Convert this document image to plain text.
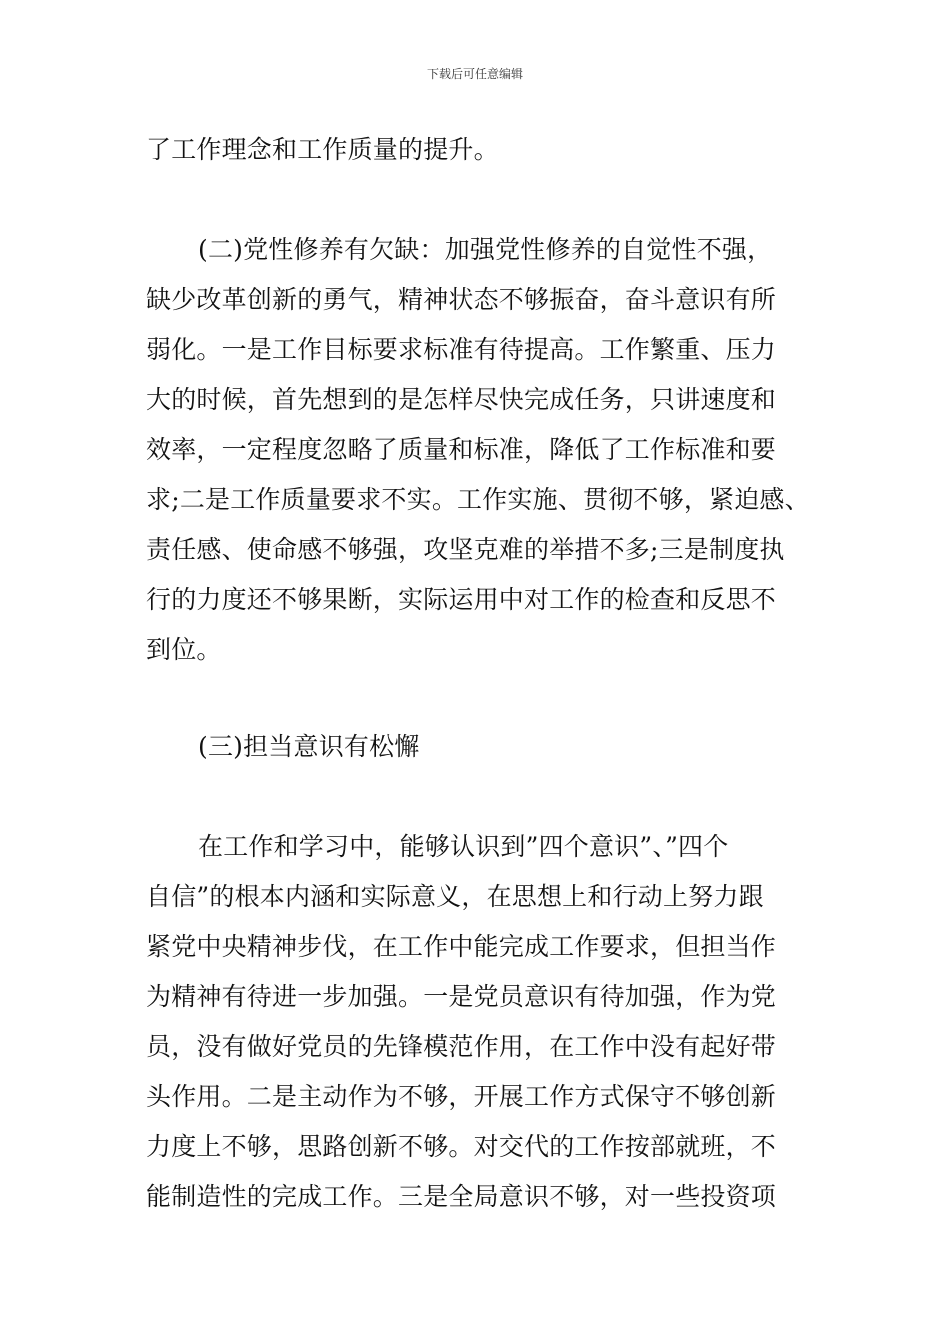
下载后可任意编辑
了工作理念和工作质量的提升。
(二)党性修养有欠缺：加强党性修养的自觉性不强，
缺少改革创新的勇气，精神状态不够振奋，奋斗意识有所
弱化。一是工作目标要求标准有待提高。工作繁重、压力
大的时候，首先想到的是怎样尽快完成任务，只讲速度和
效率，一定程度忽略了质量和标准，降低了工作标准和要
求;二是工作质量要求不实。工作实施、贯彻不够，紧迫感、
责任感、使命感不够强，攻坚克难的举措不多;三是制度执
行的力度还不够果断，实际运用中对工作的检查和反思不
到位。
(三)担当意识有松懈
在工作和学习中，能够认识到”四个意识”、”四个
自信”的根本内涵和实际意义，在思想上和行动上努力跟
紧党中央精神步伐，在工作中能完成工作要求，但担当作
为精神有待进一步加强。一是党员意识有待加强，作为党
员，没有做好党员的先锋模范作用，在工作中没有起好带
头作用。二是主动作为不够，开展工作方式保守不够创新
力度上不够，思路创新不够。对交代的工作按部就班，不
能制造性的完成工作。三是全局意识不够，对一些投资项
